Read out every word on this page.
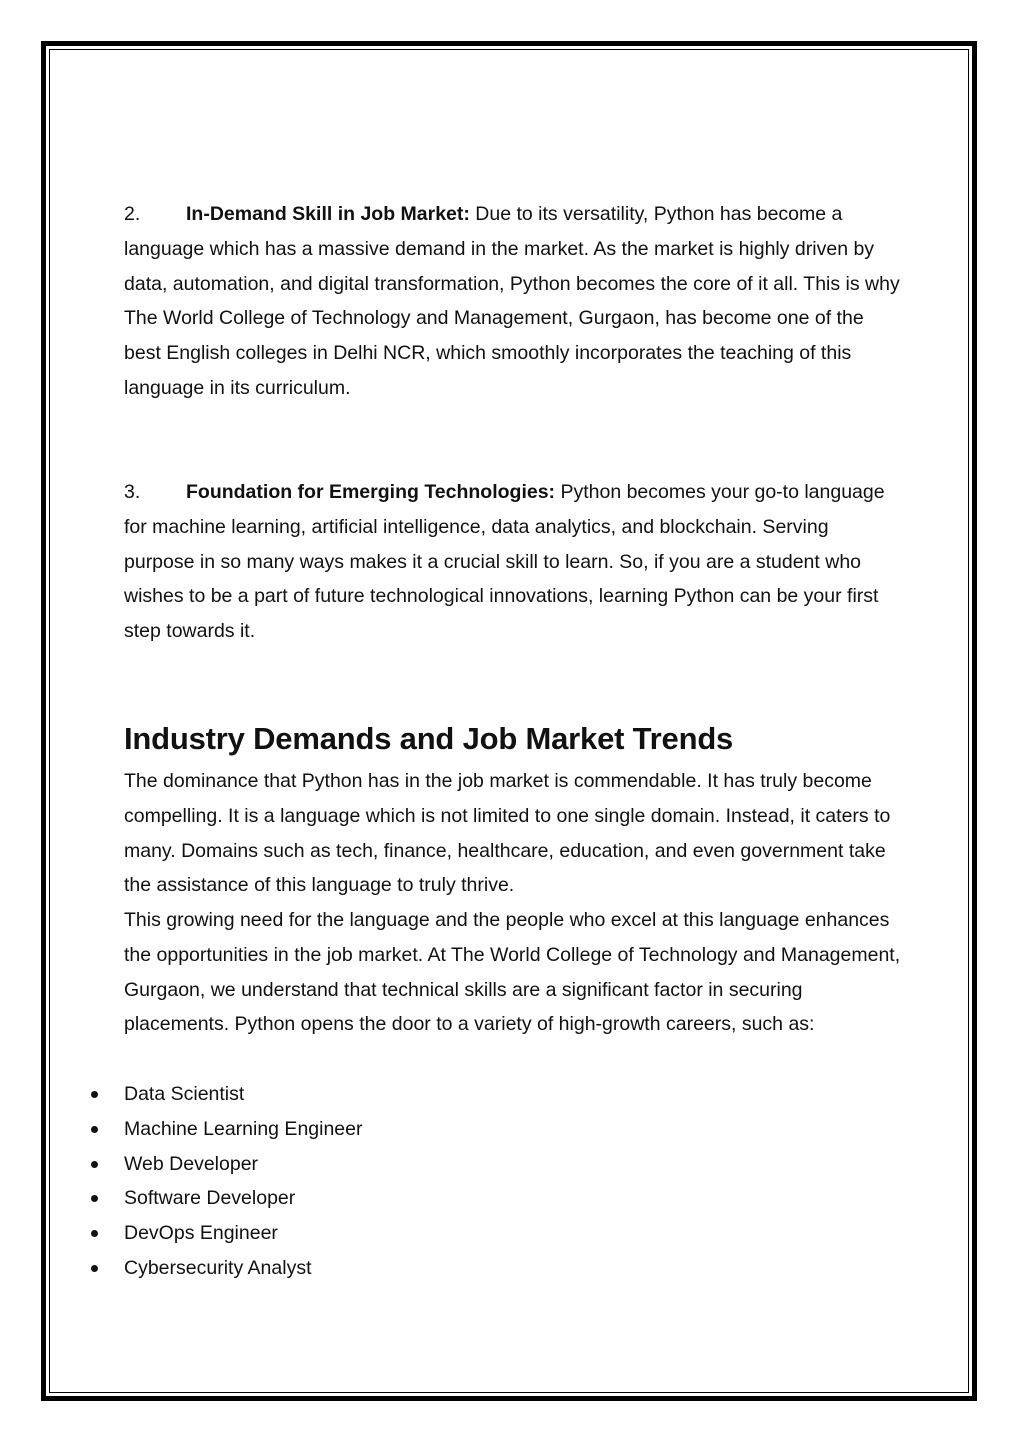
2. In-Demand Skill in Job Market: Due to its versatility, Python has become a language which has a massive demand in the market. As the market is highly driven by data, automation, and digital transformation, Python becomes the core of it all. This is why The World College of Technology and Management, Gurgaon, has become one of the best English colleges in Delhi NCR, which smoothly incorporates the teaching of this language in its curriculum.

3. Foundation for Emerging Technologies: Python becomes your go-to language for machine learning, artificial intelligence, data analytics, and blockchain. Serving purpose in so many ways makes it a crucial skill to learn. So, if you are a student who wishes to be a part of future technological innovations, learning Python can be your first step towards it.

Industry Demands and Job Market Trends

The dominance that Python has in the job market is commendable. It has truly become compelling. It is a language which is not limited to one single domain. Instead, it caters to many. Domains such as tech, finance, healthcare, education, and even government take the assistance of this language to truly thrive.

This growing need for the language and the people who excel at this language enhances the opportunities in the job market. At The World College of Technology and Management, Gurgaon, we understand that technical skills are a significant factor in securing placements. Python opens the door to a variety of high-growth careers, such as:

Data Scientist
Machine Learning Engineer
Web Developer
Software Developer
DevOps Engineer
Cybersecurity Analyst
